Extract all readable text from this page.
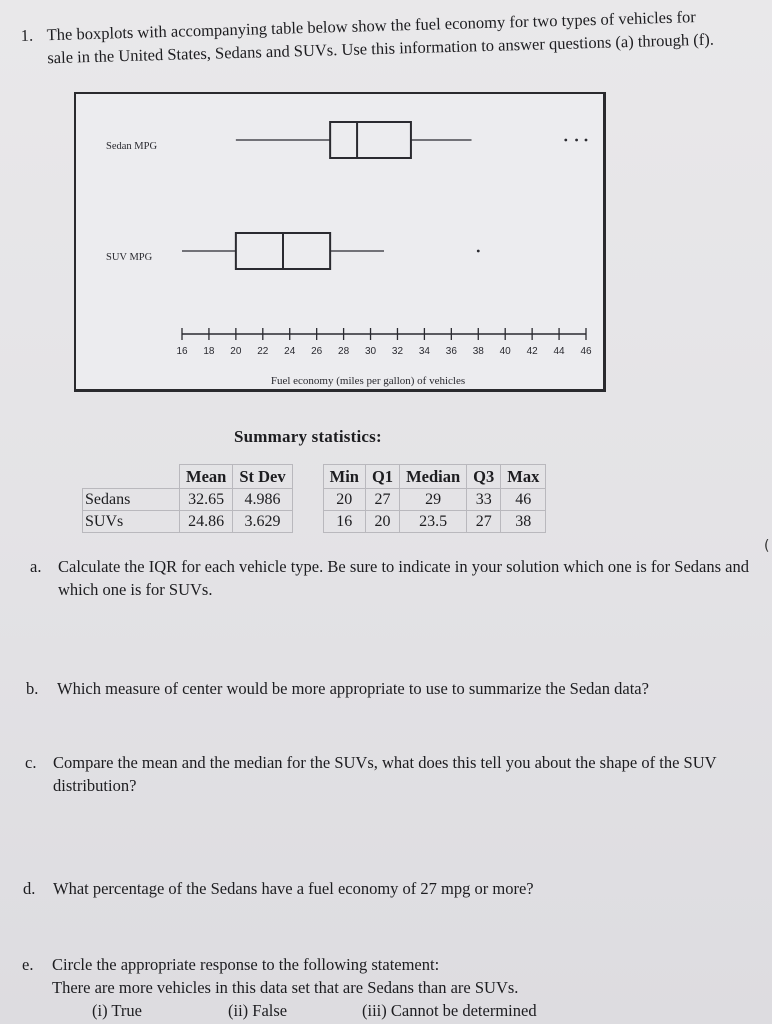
1. The boxplots with accompanying table below show the fuel economy for two types of vehicles for sale in the United States, Sedans and SUVs. Use this information to answer questions (a) through (f).
16 18 20 22 24 26 28 30 32 34 36 38 40 42 44 46
Fuel economy (miles per gallon) of vehicles
Sedan MPG
SUV MPG
Summary statistics:
	Mean	St Dev		Min	Q1	Median	Q3	Max
Sedans	32.65	4.986		20	27	29	33	46
SUVs	24.86	3.629		16	20	23.5	27	38
a. Calculate the IQR for each vehicle type. Be sure to indicate in your solution which one is for Sedans and which one is for SUVs.
b. Which measure of center would be more appropriate to use to summarize the Sedan data?
c. Compare the mean and the median for the SUVs, what does this tell you about the shape of the SUV distribution?
d. What percentage of the Sedans have a fuel economy of 27 mpg or more?
e. Circle the appropriate response to the following statement:
There are more vehicles in this data set that are Sedans than are SUVs.
(i) True	(ii) False	(iii) Cannot be determined
(
